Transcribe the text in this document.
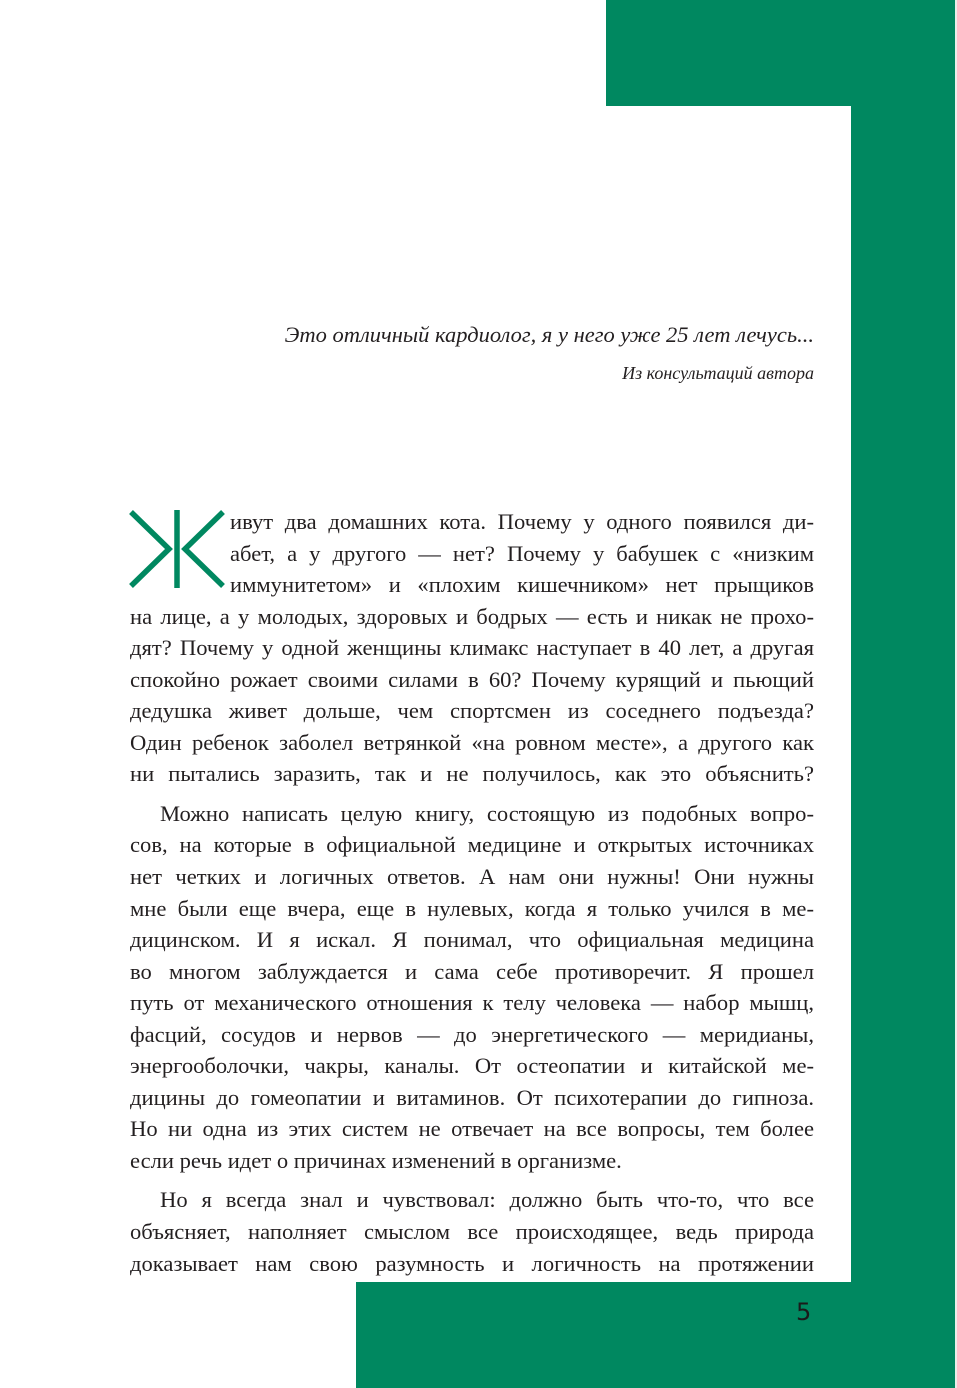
Это отличный кардиолог, я у него уже 25 лет лечусь...
Из консультаций автора
ивут два домашних кота. Почему у одного появился ди-
абет, а у другого — нет? Почему у бабушек с «низким
иммунитетом» и «плохим кишечником» нет прыщиков
на лице, а у молодых, здоровых и бодрых — есть и никак не прохо-
дят? Почему у одной женщины климакс наступает в 40 лет, а другая
спокойно рожает своими силами в 60? Почему курящий и пьющий
дедушка живет дольше, чем спортсмен из соседнего подъезда?
Один ребенок заболел ветрянкой «на ровном месте», а другого как
ни пытались заразить, так и не получилось, как это объяснить?
Можно написать целую книгу, состоящую из подобных вопро-
сов, на которые в официальной медицине и открытых источниках
нет четких и логичных ответов. А нам они нужны! Они нужны
мне были еще вчера, еще в нулевых, когда я только учился в ме-
дицинском. И я искал. Я понимал, что официальная медицина
во многом заблуждается и сама себе противоречит. Я прошел
путь от механического отношения к телу человека — набор мышц,
фасций, сосудов и нервов — до энергетического — меридианы,
энергооболочки, чакры, каналы. От остеопатии и китайской ме-
дицины до гомеопатии и витаминов. От психотерапии до гипноза.
Но ни одна из этих систем не отвечает на все вопросы, тем более
если речь идет о причинах изменений в организме.
Но я всегда знал и чувствовал: должно быть что-то, что все
объясняет, наполняет смыслом все происходящее, ведь природа
доказывает нам свою разумность и логичность на протяжении
5
